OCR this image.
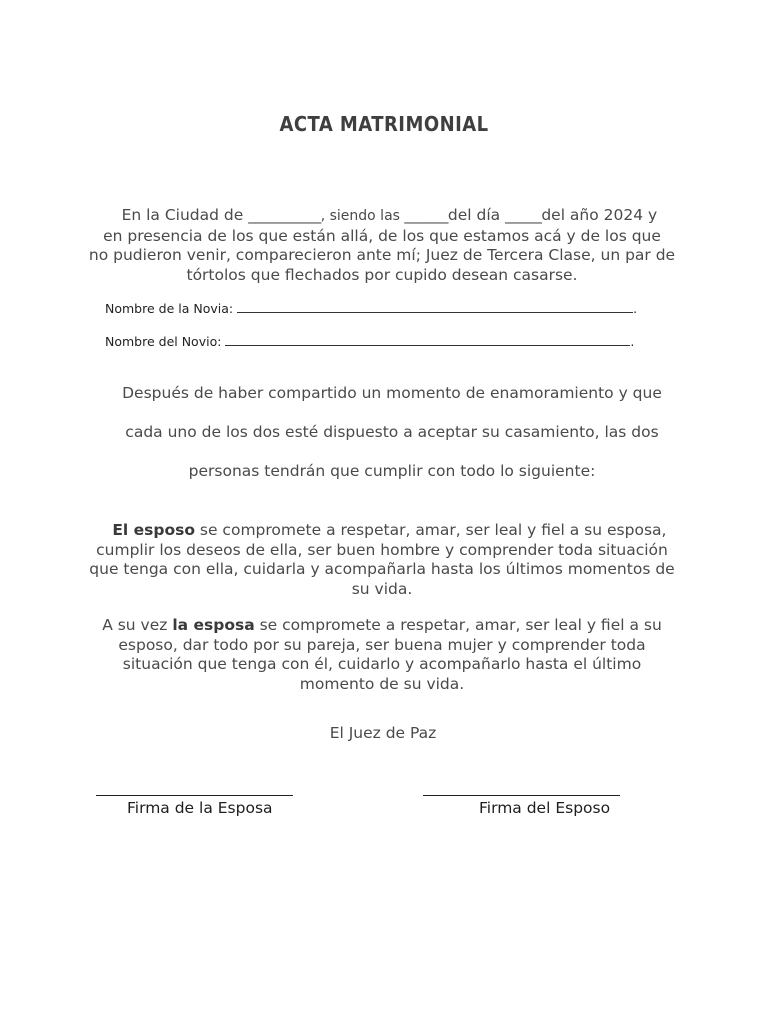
ACTA MATRIMONIAL
En la Ciudad de __________, siendo las ______del día _____del año 2024 y
en presencia de los que están allá, de los que estamos acá y de los que
no pudieron venir, comparecieron ante mí; Juez de Tercera Clase, un par de
tórtolos que flechados por cupido desean casarse.
Nombre de la Novia:	.
Nombre del Novio:	.
Después de haber compartido un momento de enamoramiento y que
cada uno de los dos esté dispuesto a aceptar su casamiento, las dos
personas tendrán que cumplir con todo lo siguiente:
El esposo se compromete a respetar, amar, ser leal y fiel a su esposa,
cumplir los deseos de ella, ser buen hombre y comprender toda situación
que tenga con ella, cuidarla y acompañarla hasta los últimos momentos de
su vida.
A su vez la esposa se compromete a respetar, amar, ser leal y fiel a su
esposo, dar todo por su pareja, ser buena mujer y comprender toda
situación que tenga con él, cuidarlo y acompañarlo hasta el último
momento de su vida.
El Juez de Paz
Firma de la Esposa	Firma del Esposo
